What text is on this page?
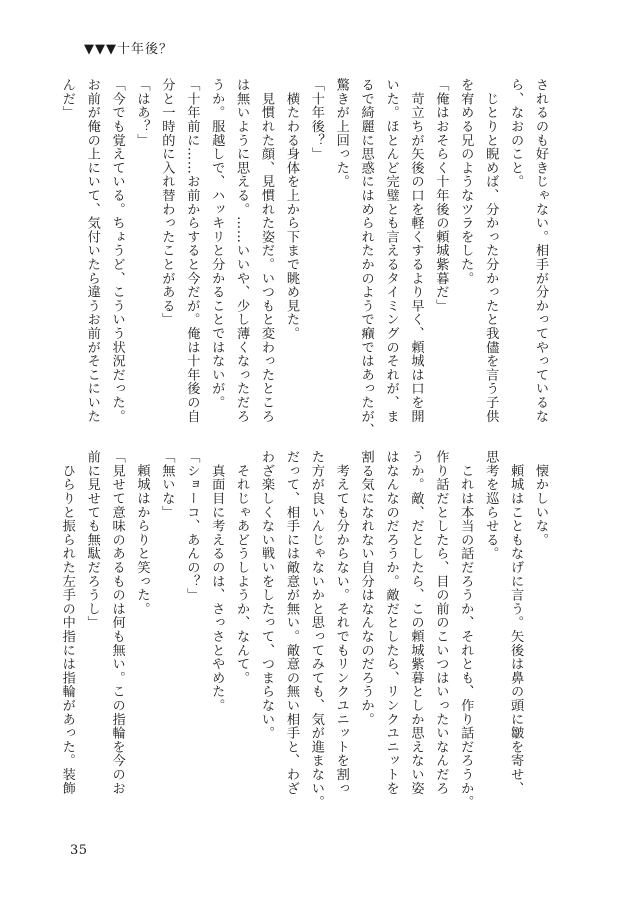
▼▼▼十年後？

されるのも好きじゃない。相手が分かってやっているな

ら、なおのこと。

　じとりと睨めば、分かった分かったと我儘を言う子供

を宥める兄のようなツラをした。

「俺はおそらく十年後の頼城紫暮だ」

　苛立ちが矢後の口を軽くするより早く、頼城は口を開

いた。ほとんど完璧とも言えるタイミングのそれが、ま

るで綺麗に思惑にはめられたかのようで癪ではあったが、

驚きが上回った。

「十年後？」

　横たわる身体を上から下まで眺め見た。

　見慣れた顔、見慣れた姿だ。いつもと変わったところ

は無いように思える。……いいや、少し薄くなっただろ

うか。服越しで、ハッキリと分かることではないが。

「十年前に……お前からすると今だが。俺は十年後の自

分と一時的に入れ替わったことがある」

「はあ？」

「今でも覚えている。ちょうど、こういう状況だった。

お前が俺の上にいて、気付いたら違うお前がそこにいた

んだ」

　懐かしいな。

　頼城はこともなげに言う。矢後は鼻の頭に皺を寄せ、

思考を巡らせる。

　これは本当の話だろうか、それとも、作り話だろうか。

作り話だとしたら、目の前のこいつはいったいなんだろ

うか。敵、だとしたら、この頼城紫暮としか思えない姿

はなんなのだろうか。敵だとしたら、リンクユニットを

割る気になれない自分はなんなのだろうか。

　考えても分からない。それでもリンクユニットを割っ

た方が良いんじゃないかと思ってみても、気が進まない。

だって、相手には敵意が無い。敵意の無い相手と、わざ

わざ楽しくない戦いをしたって、つまらない。

　それじゃあどうしようか、なんて。

　真面目に考えるのは、さっさとやめた。

「ショーコ、あんの？」

「無いな」

　頼城はからりと笑った。

「見せて意味のあるものは何も無い。この指輪を今のお

前に見せても無駄だろうし」

　ひらりと振られた左手の中指には指輪があった。装飾

35
